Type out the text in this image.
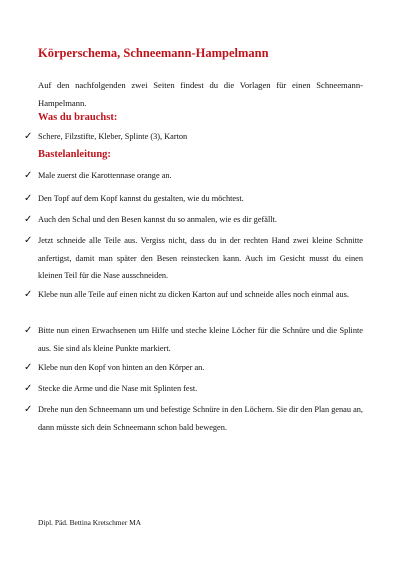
Körperschema, Schneemann-Hampelmann
Auf den nachfolgenden zwei Seiten findest du die Vorlagen für einen Schneemann-Hampelmann.
Was du brauchst:
✓ Schere, Filzstifte, Kleber, Splinte (3), Karton
Bastelanleitung:
✓ Male zuerst die Karottennase orange an.
✓ Den Topf auf dem Kopf kannst du gestalten, wie du möchtest.
✓ Auch den Schal und den Besen kannst du so anmalen, wie es dir gefällt.
✓ Jetzt schneide alle Teile aus. Vergiss nicht, dass du in der rechten Hand zwei kleine Schnitte anfertigst, damit man später den Besen reinstecken kann. Auch im Gesicht musst du einen kleinen Teil für die Nase ausschneiden.
✓ Klebe nun alle Teile auf einen nicht zu dicken Karton auf und schneide alles noch einmal aus.
✓ Bitte nun einen Erwachsenen um Hilfe und steche kleine Löcher für die Schnüre und die Splinte aus. Sie sind als kleine Punkte markiert.
✓ Klebe nun den Kopf von hinten an den Körper an.
✓ Stecke die Arme und die Nase mit Splinten fest.
✓ Drehe nun den Schneemann um und befestige Schnüre in den Löchern. Sie dir den Plan genau an, dann müsste sich dein Schneemann schon bald bewegen.
Dipl. Päd. Bettina Kretschmer MA
